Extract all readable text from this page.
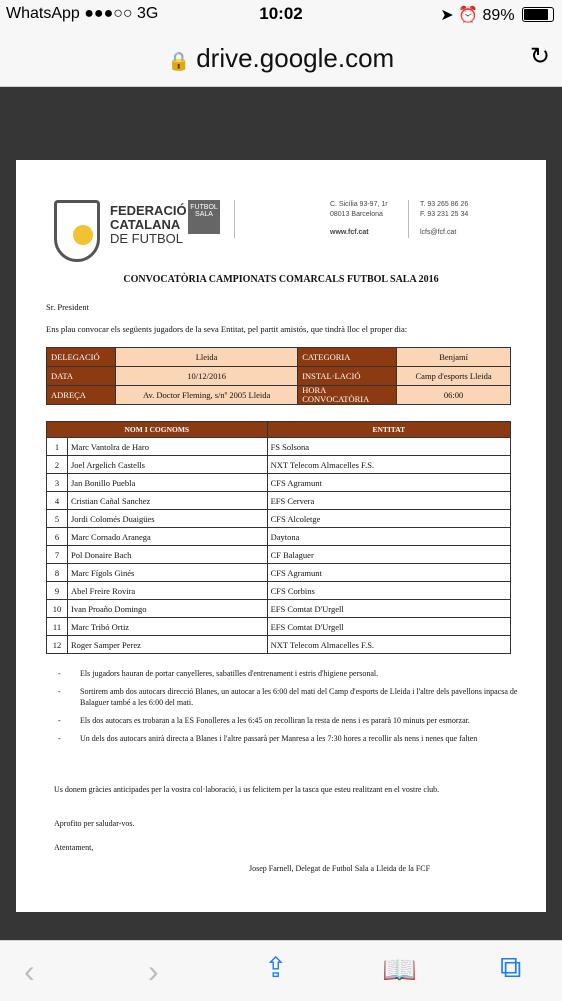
WhatsApp ●●●○○ 3G	10:02	➤ ⏰ 89%
🔒 drive.google.com	↻
FEDERACIÓ
CATALANA
DE FUTBOL
FUTBOL SALA
C. Sicília 93-97, 1r
08013 Barcelona
www.fcf.cat
T. 93 265 86 26
F. 93 231 25 34
lcfs@fcf.cat
CONVOCATÒRIA CAMPIONATS COMARCALS FUTBOL SALA 2016
Sr. President
Ens plau convocar els següents jugadors de la seva Entitat, pel partit amistós, que tindrà lloc el proper dia:
DELEGACIÓ	Lleida	CATEGORIA	Benjamí
DATA	10/12/2016	INSTAL·LACIÓ	Camp d'esports Lleida
ADREÇA	Av. Doctor Fleming, s/nº 2005 Lleida	HORA CONVOCATÒRIA	06:00
NOM I COGNOMS		ENTITAT
1	Marc Vantolra de Haro	FS Solsona
2	Joel Argelich Castells	NXT Telecom Almacelles F.S.
3	Jan Bonillo Puebla	CFS Agramunt
4	Cristian Cañal Sanchez	EFS Cervera
5	Jordi Colomés Duaigües	CFS Alcoletge
6	Marc Cornado Aranega	Daytona
7	Pol Donaire Bach	CF Balaguer
8	Marc Fígols Ginés	CFS Agramunt
9	Abel Freire Rovira	CFS Corbins
10	Ivan Proaño Domingo	EFS Comtat D'Urgell
11	Marc Tribó Ortiz	EFS Comtat D'Urgell
12	Roger Samper Perez	NXT Telecom Almacelles F.S.
- Els jugadors hauran de portar canyelleres, sabatilles d'entrenament i estris d'higiene personal.
- Sortirem amb dos autocars direcció Blanes, un autocar a les 6:00 del mati del Camp d'esports de Lleida i l'altre dels pavellons inpacsa de Balaguer també a les 6:00 del mati.
- Els dos autocars es trobaran a la ES Fonolleres a les 6:45 on recolliran la resta de nens i es pararà 10 minuts per esmorzar.
- Un dels dos autocars anirà directa a Blanes i l'altre passarà per Manresa a les 7:30 hores a recollir als nens i nenes que falten
Us donem gràcies anticipades per la vostra col·laboració, i us felicitem per la tasca que esteu realitzant en el vostre club.
Aprofito per saludar-vos.
Atentament,
Josep Farnell, Delegat de Futbol Sala a Lleida de la FCF
‹	›	⇪	📖	⧉
